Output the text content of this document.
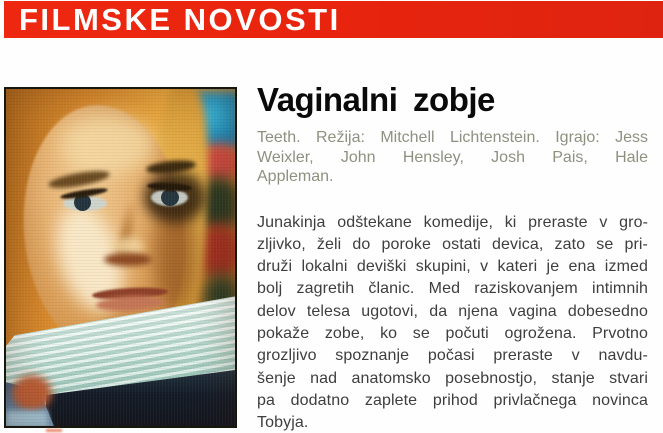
FILMSKE NOVOSTI
Vaginalni zobje
Teeth. Režija: Mitchell Lichtenstein. Igrajo: Jess
Weixler, John Hensley, Josh Pais, Hale
Appleman.
Junakinja odštekane komedije, ki preraste v gro-
zljivko, želi do poroke ostati devica, zato se pri-
druži lokalni deviški skupini, v kateri je ena izmed
bolj zagretih članic. Med raziskovanjem intimnih
delov telesa ugotovi, da njena vagina dobesedno
pokaže zobe, ko se počuti ogrožena. Prvotno
grozljivo spoznanje počasi preraste v navdu-
šenje nad anatomsko posebnostjo, stanje stvari
pa dodatno zaplete prihod privlačnega novinca
Tobyja.
